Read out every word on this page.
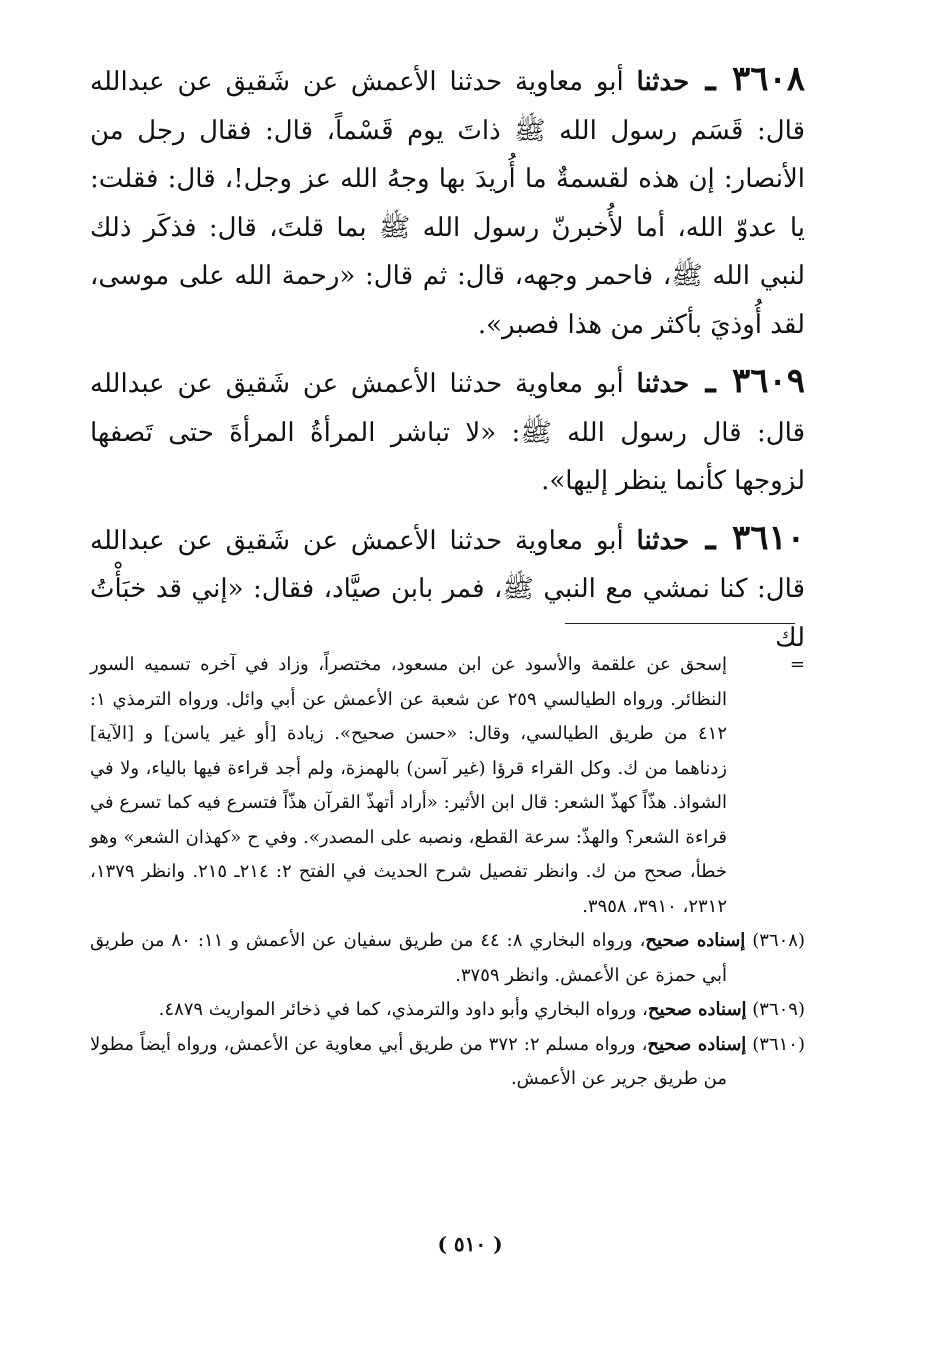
٣٦٠٨ ـ حدثنا أبو معاوية حدثنا الأعمش عن شَقيق عن عبدالله قال: قَسَم رسول الله ﷺ ذاتَ يوم قَسْماً، قال: فقال رجل من الأنصار: إن هذه لقسمةٌ ما أُريدَ بها وجهُ الله عز وجل!، قال: فقلت: يا عدوّ الله، أما لأُخبرنّ رسول الله ﷺ بما قلتَ، قال: فذكَر ذلك لنبي الله ﷺ، فاحمر وجهه، قال: ثم قال: «رحمة الله على موسى، لقد أُوذيَ بأكثر من هذا فصبر».

٣٦٠٩ ـ حدثنا أبو معاوية حدثنا الأعمش عن شَقيق عن عبدالله قال: قال رسول الله ﷺ: «لا تباشر المرأةُ المرأةَ حتى تَصفها لزوجها كأنما ينظر إليها».

٣٦١٠ ـ حدثنا أبو معاوية حدثنا الأعمش عن شَقيق عن عبدالله قال: كنا نمشي مع النبي ﷺ، فمر بابن صيَّاد، فقال: «إني قد خبَأْتُ لك

=
إسحق عن علقمة والأسود عن ابن مسعود، مختصراً، وزاد في آخره تسميه السور النظائر. ورواه الطيالسي ٢٥٩ عن شعبة عن الأعمش عن أبي وائل. ورواه الترمذي ١: ٤١٢ من طريق الطيالسي، وقال: «حسن صحيح». زيادة [أو غير ياسن] و [الآية] زدناهما من ك. وكل القراء قرؤا (غير آسن) بالهمزة، ولم أجد قراءة فيها بالياء، ولا في الشواذ. هذّاً كهذّ الشعر: قال ابن الأثير: «أراد أتهذّ القرآن هذّاً فتسرع فيه كما تسرع في قراءة الشعر؟ والهذّ: سرعة القطع، ونصبه على المصدر». وفي ح «كهذان الشعر» وهو خطأ، صحح من ك. وانظر تفصيل شرح الحديث في الفتح ٢: ٢١٤ـ ٢١٥. وانظر ١٣٧٩، ٢٣١٢، ٣٩١٠، ٣٩٥٨.

(٣٦٠٨) إسناده صحيح، ورواه البخاري ٨: ٤٤ من طريق سفيان عن الأعمش و ١١: ٨٠ من طريق أبي حمزة عن الأعمش. وانظر ٣٧٥٩.

(٣٦٠٩) إسناده صحيح، ورواه البخاري وأبو داود والترمذي، كما في ذخائر المواريث ٤٨٧٩.

(٣٦١٠) إسناده صحيح، ورواه مسلم ٢: ٣٧٢ من طريق أبي معاوية عن الأعمش، ورواه أيضاً مطولا من طريق جرير عن الأعمش.

( ٥١٠ )
